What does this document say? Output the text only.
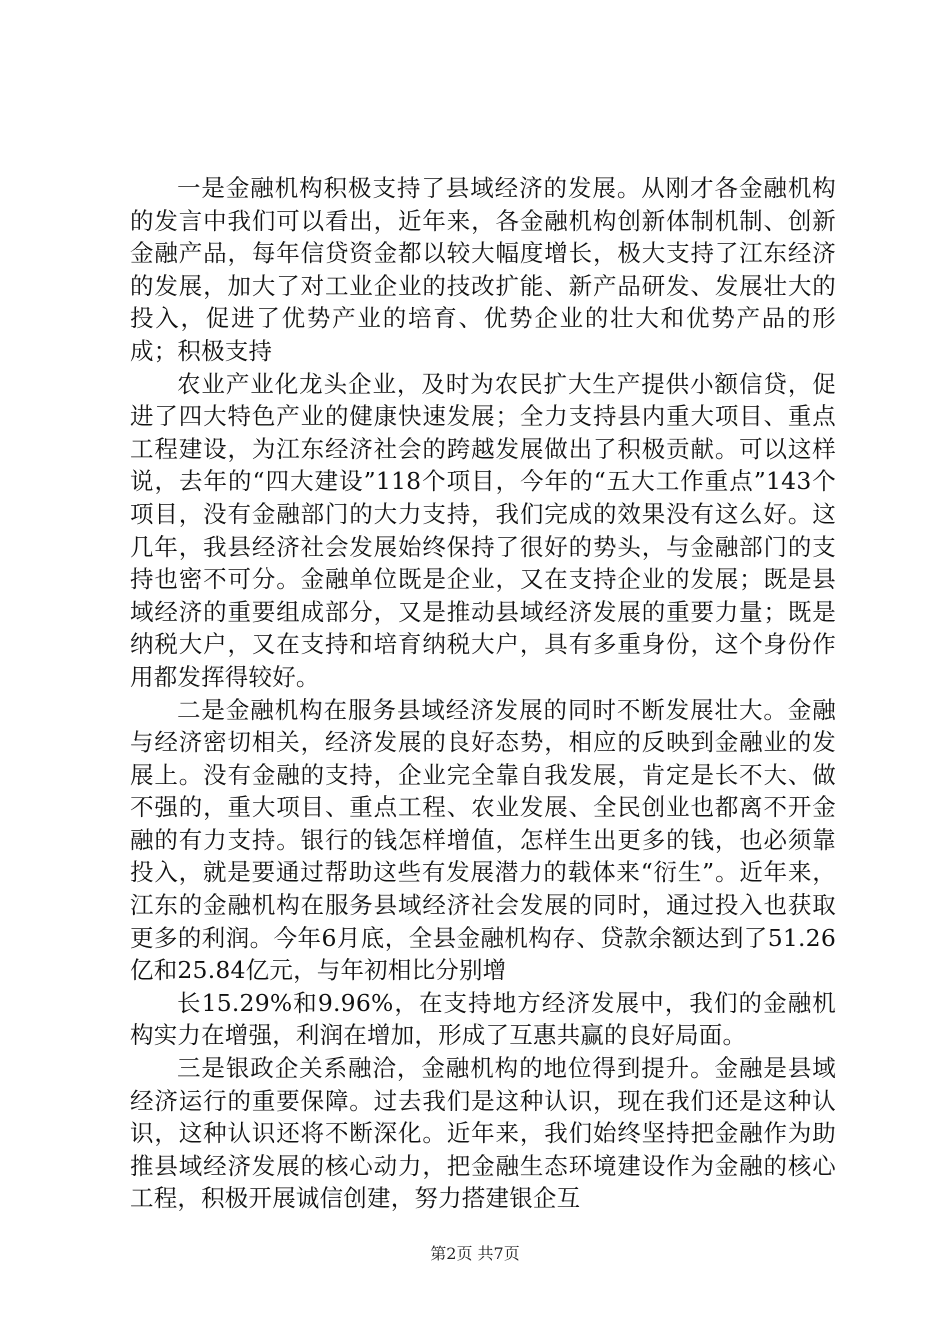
一是金融机构积极支持了县域经济的发展。从刚才各金融机构的发言中我们可以看出，近年来，各金融机构创新体制机制、创新金融产品，每年信贷资金都以较大幅度增长，极大支持了江东经济的发展，加大了对工业企业的技改扩能、新产品研发、发展壮大的投入，促进了优势产业的培育、优势企业的壮大和优势产品的形成；积极支持

农业产业化龙头企业，及时为农民扩大生产提供小额信贷，促进了四大特色产业的健康快速发展；全力支持县内重大项目、重点工程建设，为江东经济社会的跨越发展做出了积极贡献。可以这样说，去年的“四大建设”118个项目，今年的“五大工作重点”143个项目，没有金融部门的大力支持，我们完成的效果没有这么好。这几年，我县经济社会发展始终保持了很好的势头，与金融部门的支持也密不可分。金融单位既是企业，又在支持企业的发展；既是县域经济的重要组成部分，又是推动县域经济发展的重要力量；既是纳税大户，又在支持和培育纳税大户，具有多重身份，这个身份作用都发挥得较好。

二是金融机构在服务县域经济发展的同时不断发展壮大。金融与经济密切相关，经济发展的良好态势，相应的反映到金融业的发展上。没有金融的支持，企业完全靠自我发展，肯定是长不大、做不强的，重大项目、重点工程、农业发展、全民创业也都离不开金融的有力支持。银行的钱怎样增值，怎样生出更多的钱，也必须靠投入，就是要通过帮助这些有发展潜力的载体来“衍生”。近年来，江东的金融机构在服务县域经济社会发展的同时，通过投入也获取更多的利润。今年6月底，全县金融机构存、贷款余额达到了51.26亿和25.84亿元，与年初相比分别增

长15.29%和9.96%，在支持地方经济发展中，我们的金融机构实力在增强，利润在增加，形成了互惠共赢的良好局面。

三是银政企关系融洽，金融机构的地位得到提升。金融是县域经济运行的重要保障。过去我们是这种认识，现在我们还是这种认识，这种认识还将不断深化。近年来，我们始终坚持把金融作为助推县域经济发展的核心动力，把金融生态环境建设作为金融的核心工程，积极开展诚信创建，努力搭建银企互

第2页 共7页
